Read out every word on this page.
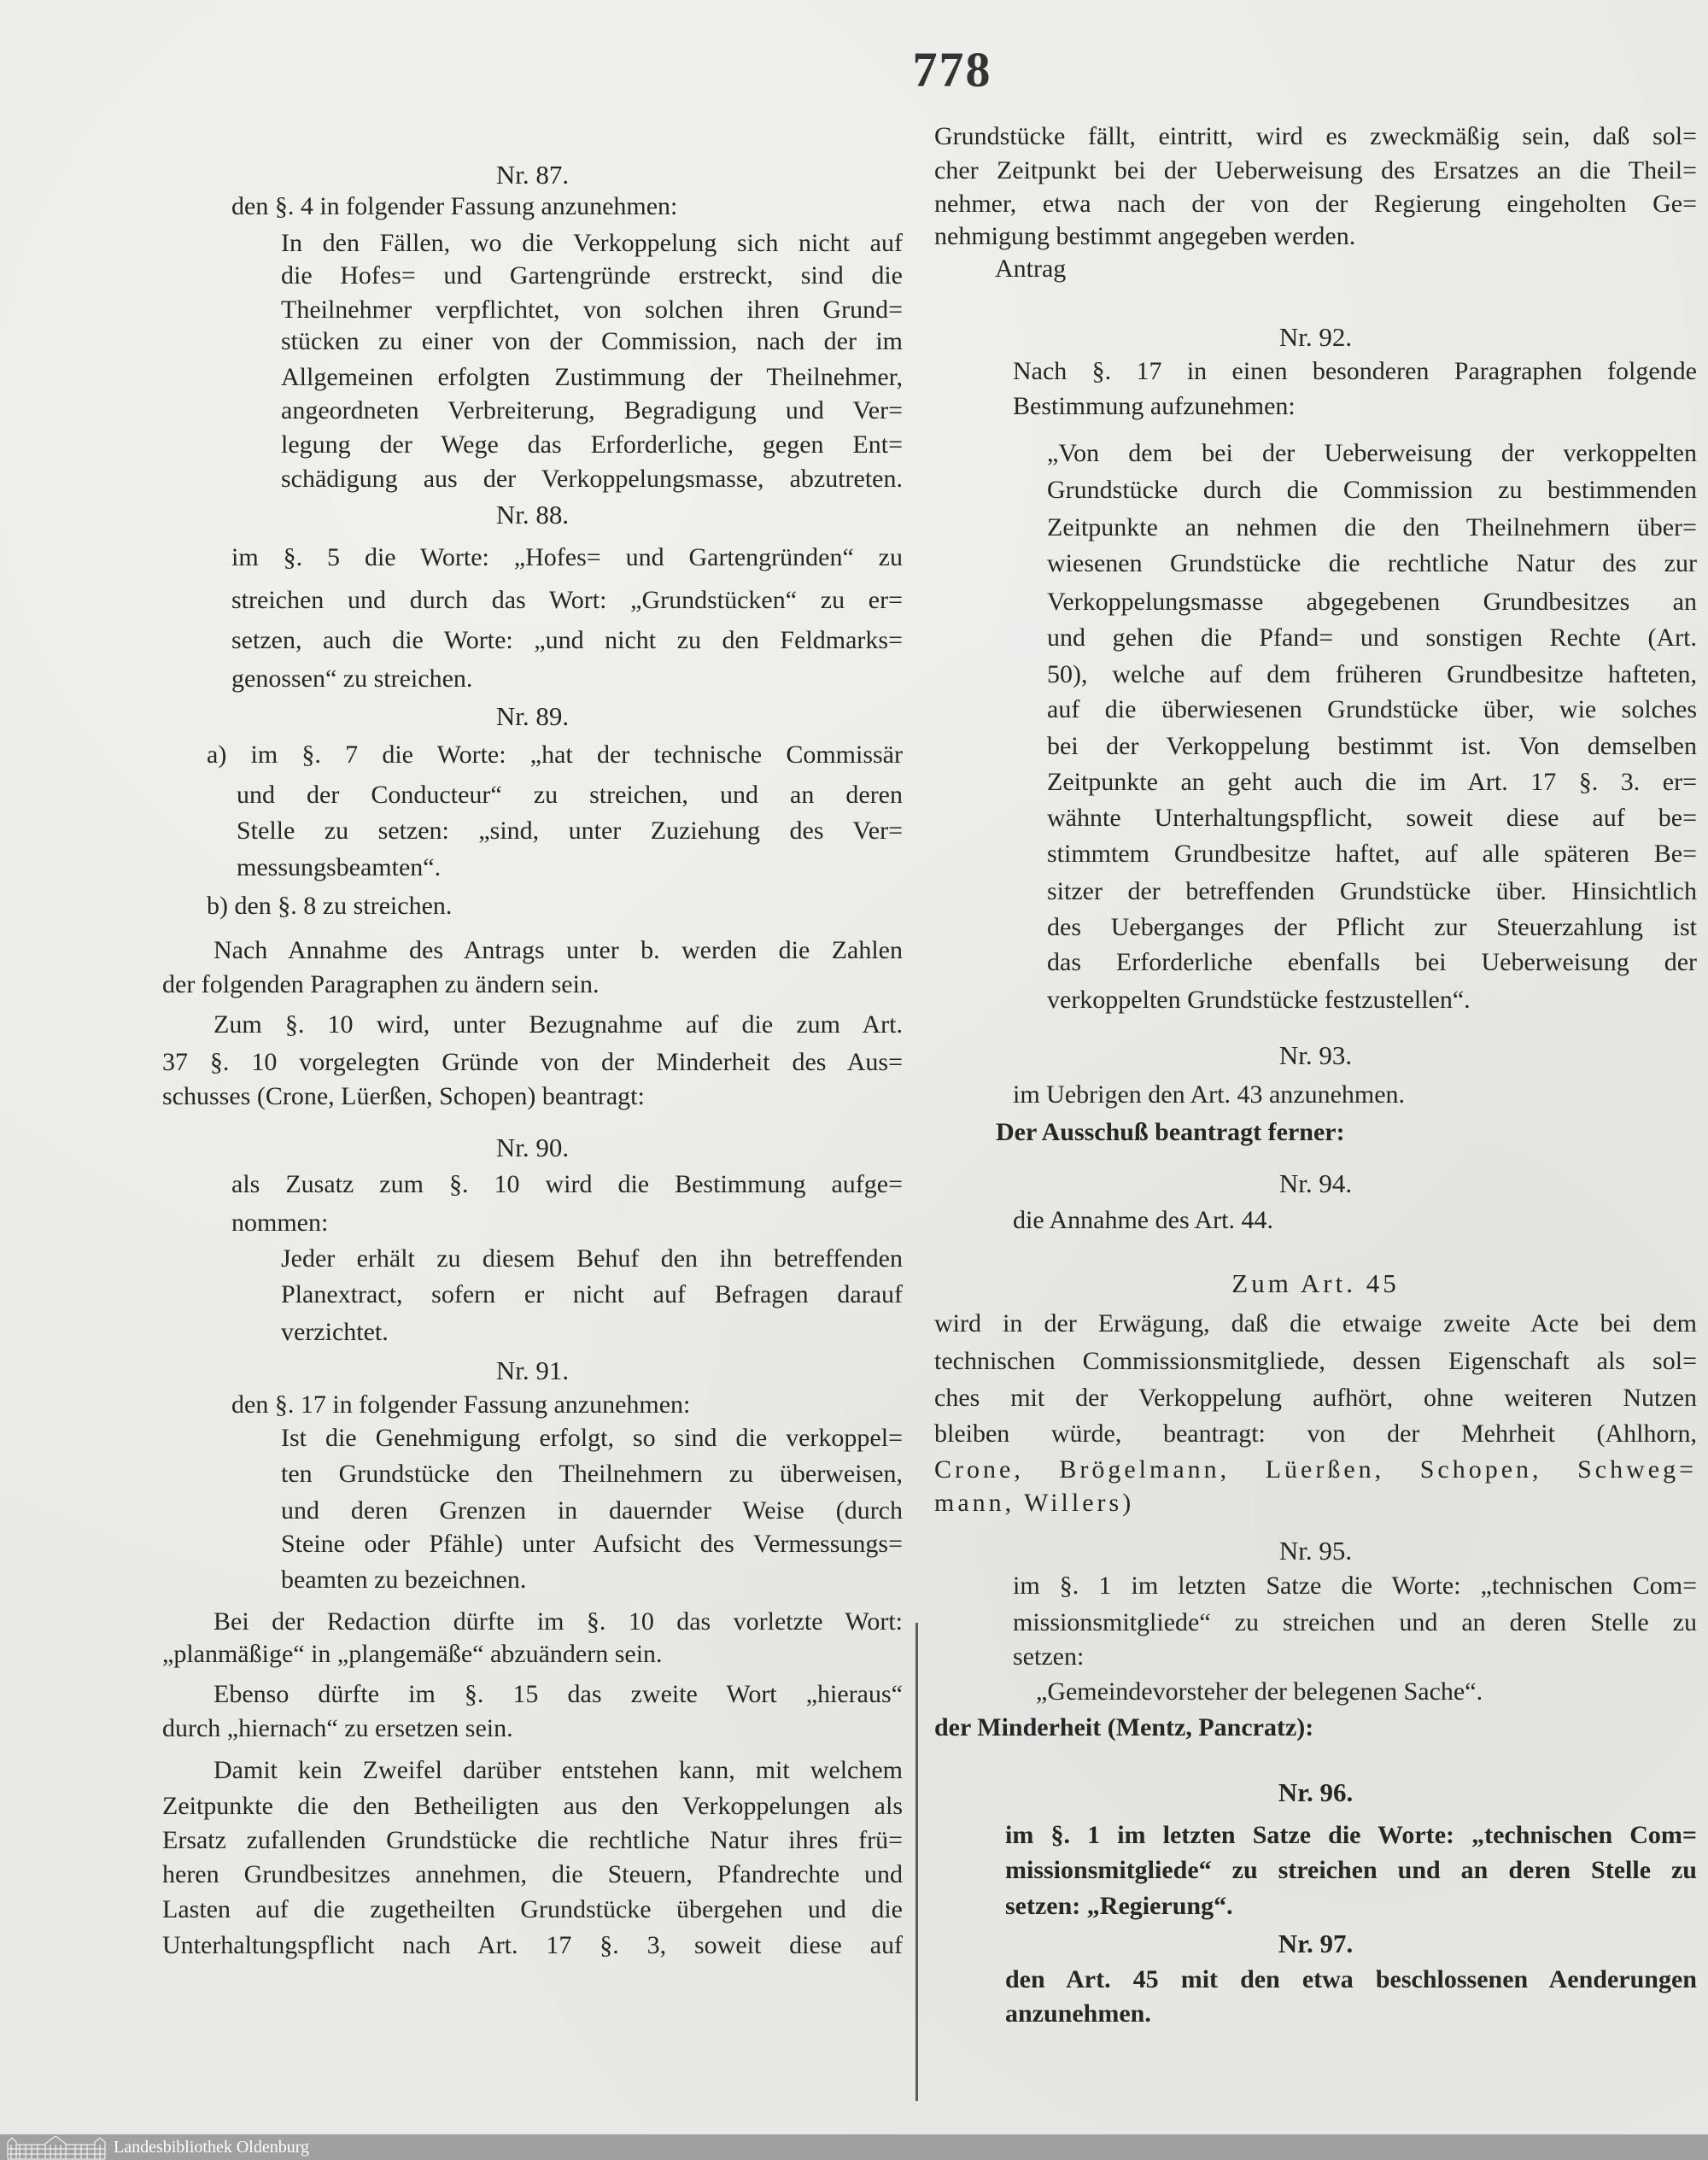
778
Nr. 87.
den §. 4 in folgender Fassung anzunehmen:
In den Fällen, wo die Verkoppelung sich nicht auf
die Hofes= und Gartengründe erstreckt, sind die
Theilnehmer verpflichtet, von solchen ihren Grund=
stücken zu einer von der Commission, nach der im
Allgemeinen erfolgten Zustimmung der Theilnehmer,
angeordneten Verbreiterung, Begradigung und Ver=
legung der Wege das Erforderliche, gegen Ent=
schädigung aus der Verkoppelungsmasse, abzutreten.
Nr. 88.
im §. 5 die Worte: „Hofes= und Gartengründen“ zu
streichen und durch das Wort: „Grundstücken“ zu er=
setzen, auch die Worte: „und nicht zu den Feldmarks=
genossen“ zu streichen.
Nr. 89.
a) im §. 7 die Worte: „hat der technische Commissär
und der Conducteur“ zu streichen, und an deren
Stelle zu setzen: „sind, unter Zuziehung des Ver=
messungsbeamten“.
b) den §. 8 zu streichen.
Nach Annahme des Antrags unter b. werden die Zahlen
der folgenden Paragraphen zu ändern sein.
Zum §. 10 wird, unter Bezugnahme auf die zum Art.
37 §. 10 vorgelegten Gründe von der Minderheit des Aus=
schusses (Crone, Lüerßen, Schopen) beantragt:
Nr. 90.
als Zusatz zum §. 10 wird die Bestimmung aufge=
nommen:
Jeder erhält zu diesem Behuf den ihn betreffenden
Planextract, sofern er nicht auf Befragen darauf
verzichtet.
Nr. 91.
den §. 17 in folgender Fassung anzunehmen:
Ist die Genehmigung erfolgt, so sind die verkoppel=
ten Grundstücke den Theilnehmern zu überweisen,
und deren Grenzen in dauernder Weise (durch
Steine oder Pfähle) unter Aufsicht des Vermessungs=
beamten zu bezeichnen.
Bei der Redaction dürfte im §. 10 das vorletzte Wort:
„planmäßige“ in „plangemäße“ abzuändern sein.
Ebenso dürfte im §. 15 das zweite Wort „hieraus“
durch „hiernach“ zu ersetzen sein.
Damit kein Zweifel darüber entstehen kann, mit welchem
Zeitpunkte die den Betheiligten aus den Verkoppelungen als
Ersatz zufallenden Grundstücke die rechtliche Natur ihres frü=
heren Grundbesitzes annehmen, die Steuern, Pfandrechte und
Lasten auf die zugetheilten Grundstücke übergehen und die
Unterhaltungspflicht nach Art. 17 §. 3, soweit diese auf
Grundstücke fällt, eintritt, wird es zweckmäßig sein, daß sol=
cher Zeitpunkt bei der Ueberweisung des Ersatzes an die Theil=
nehmer, etwa nach der von der Regierung eingeholten Ge=
nehmigung bestimmt angegeben werden.
Antrag
Nr. 92.
Nach §. 17 in einen besonderen Paragraphen folgende
Bestimmung aufzunehmen:
„Von dem bei der Ueberweisung der verkoppelten
Grundstücke durch die Commission zu bestimmenden
Zeitpunkte an nehmen die den Theilnehmern über=
wiesenen Grundstücke die rechtliche Natur des zur
Verkoppelungsmasse abgegebenen Grundbesitzes an
und gehen die Pfand= und sonstigen Rechte (Art.
50), welche auf dem früheren Grundbesitze hafteten,
auf die überwiesenen Grundstücke über, wie solches
bei der Verkoppelung bestimmt ist. Von demselben
Zeitpunkte an geht auch die im Art. 17 §. 3. er=
wähnte Unterhaltungspflicht, soweit diese auf be=
stimmtem Grundbesitze haftet, auf alle späteren Be=
sitzer der betreffenden Grundstücke über. Hinsichtlich
des Ueberganges der Pflicht zur Steuerzahlung ist
das Erforderliche ebenfalls bei Ueberweisung der
verkoppelten Grundstücke festzustellen“.
Nr. 93.
im Uebrigen den Art. 43 anzunehmen.
Der Ausschuß beantragt ferner:
Nr. 94.
die Annahme des Art. 44.
Zum Art. 45
wird in der Erwägung, daß die etwaige zweite Acte bei dem
technischen Commissionsmitgliede, dessen Eigenschaft als sol=
ches mit der Verkoppelung aufhört, ohne weiteren Nutzen
bleiben würde, beantragt: von der Mehrheit (Ahlhorn,
Crone, Brögelmann, Lüerßen, Schopen, Schweg=
mann, Willers)
Nr. 95.
im §. 1 im letzten Satze die Worte: „technischen Com=
missionsmitgliede“ zu streichen und an deren Stelle zu
setzen:
„Gemeindevorsteher der belegenen Sache“.
der Minderheit (Mentz, Pancratz):
Nr. 96.
im §. 1 im letzten Satze die Worte: „technischen Com=
missionsmitgliede“ zu streichen und an deren Stelle zu
setzen: „Regierung“.
Nr. 97.
den Art. 45 mit den etwa beschlossenen Aenderungen
anzunehmen.
Landesbibliothek Oldenburg
